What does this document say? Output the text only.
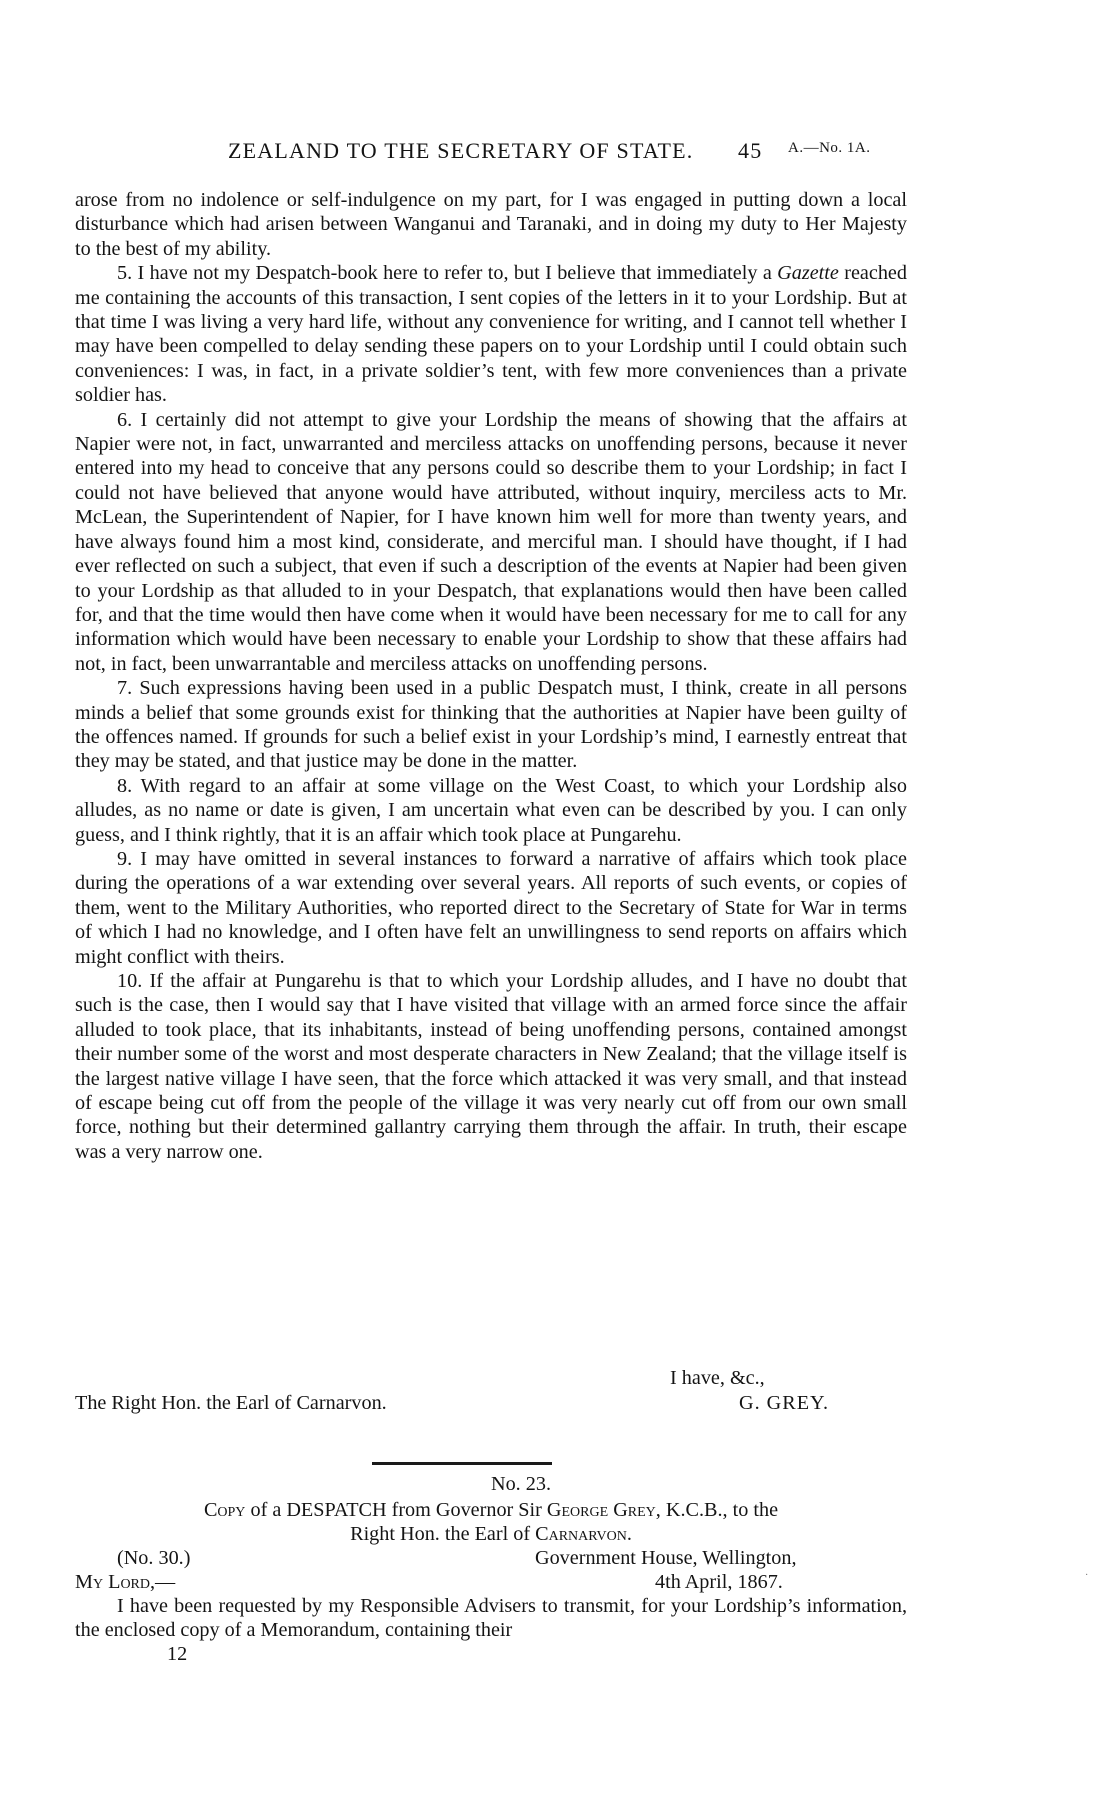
ZEALAND TO THE SECRETARY OF STATE. 45 A.—No. 1A.

arose from no indolence or self-indulgence on my part, for I was engaged in putting down a local disturbance which had arisen between Wanganui and Taranaki, and in doing my duty to Her Majesty to the best of my ability.

5. I have not my Despatch-book here to refer to, but I believe that immediately a Gazette reached me containing the accounts of this transaction, I sent copies of the letters in it to your Lordship. But at that time I was living a very hard life, without any convenience for writing, and I cannot tell whether I may have been compelled to delay sending these papers on to your Lordship until I could obtain such conveniences: I was, in fact, in a private soldier’s tent, with few more conveniences than a private soldier has.

6. I certainly did not attempt to give your Lordship the means of showing that the affairs at Napier were not, in fact, unwarranted and merciless attacks on unoffending persons, because it never entered into my head to conceive that any persons could so describe them to your Lordship; in fact I could not have believed that anyone would have attributed, without inquiry, merciless acts to Mr. McLean, the Superintendent of Napier, for I have known him well for more than twenty years, and have always found him a most kind, considerate, and merciful man. I should have thought, if I had ever reflected on such a subject, that even if such a description of the events at Napier had been given to your Lordship as that alluded to in your Despatch, that explanations would then have been called for, and that the time would then have come when it would have been necessary for me to call for any information which would have been necessary to enable your Lordship to show that these affairs had not, in fact, been unwarrantable and merciless attacks on unoffending persons.

7. Such expressions having been used in a public Despatch must, I think, create in all persons minds a belief that some grounds exist for thinking that the authorities at Napier have been guilty of the offences named. If grounds for such a belief exist in your Lordship’s mind, I earnestly entreat that they may be stated, and that justice may be done in the matter.

8. With regard to an affair at some village on the West Coast, to which your Lordship also alludes, as no name or date is given, I am uncertain what even can be described by you. I can only guess, and I think rightly, that it is an affair which took place at Pungarehu.

9. I may have omitted in several instances to forward a narrative of affairs which took place during the operations of a war extending over several years. All reports of such events, or copies of them, went to the Military Authorities, who reported direct to the Secretary of State for War in terms of which I had no knowledge, and I often have felt an unwillingness to send reports on affairs which might conflict with theirs.

10. If the affair at Pungarehu is that to which your Lordship alludes, and I have no doubt that such is the case, then I would say that I have visited that village with an armed force since the affair alluded to took place, that its inhabitants, instead of being unoffending persons, contained amongst their number some of the worst and most desperate characters in New Zealand; that the village itself is the largest native village I have seen, that the force which attacked it was very small, and that instead of escape being cut off from the people of the village it was very nearly cut off from our own small force, nothing but their determined gallantry carrying them through the affair. In truth, their escape was a very narrow one.

I have, &c.,
The Right Hon. the Earl of Carnarvon.	G. GREY.
No. 23.
Copy of a DESPATCH from Governor Sir George Grey, K.C.B., to the
Right Hon. the Earl of Carnarvon.
(No. 30.)	Government House, Wellington,
My Lord,—	4th April, 1867.

I have been requested by my Responsible Advisers to transmit, for your Lordship’s information, the enclosed copy of a Memorandum, containing their

12
·
